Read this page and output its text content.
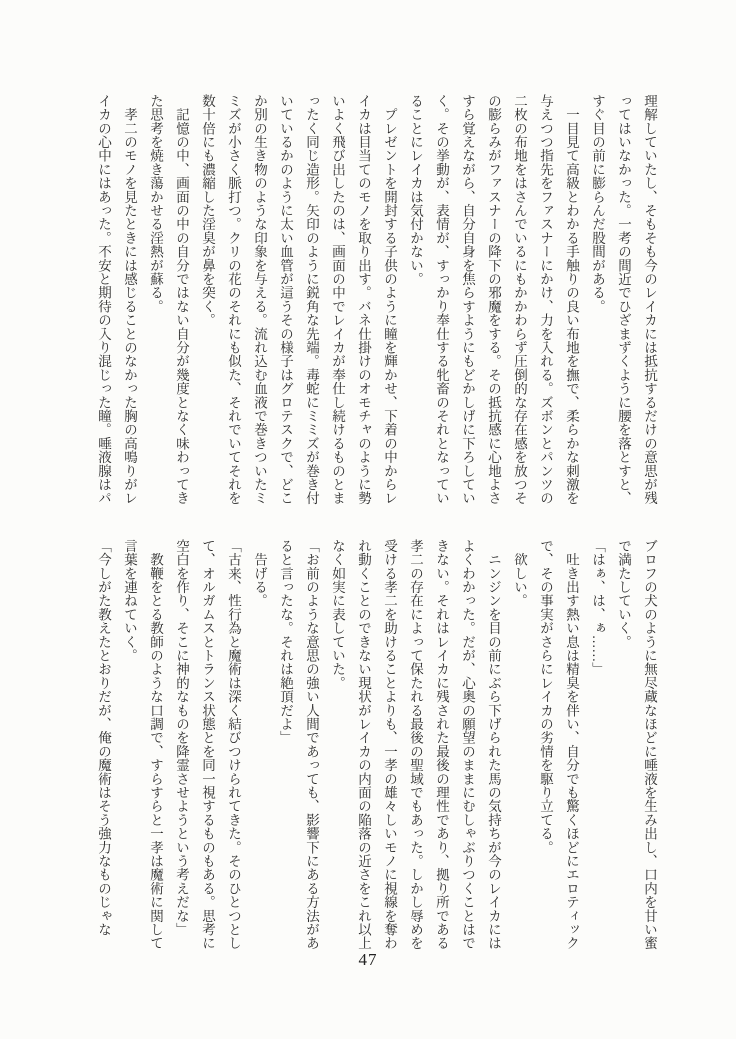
理解していたし、そもそも今のレイカには抵抗するだけの意思が残
ってはいなかった。一考の間近でひざまずくように腰を落とすと、
すぐ目の前に膨らんだ股間がある。
　一目見て高級とわかる手触りの良い布地を撫で、柔らかな刺激を
与えつつ指先をファスナーにかけ、力を入れる。ズボンとパンツの
二枚の布地をはさんでいるにもかかわらず圧倒的な存在感を放つそ
の膨らみがファスナーの降下の邪魔をする。その抵抗感に心地よさ
すら覚えながら、自分自身を焦らすようにもどかしげに下ろしてい
く。その挙動が、表情が、すっかり奉仕する牝畜のそれとなってい
ることにレイカは気付かない。
　プレゼントを開封する子供のように瞳を輝かせ、下着の中からレ
イカは目当てのモノを取り出す。バネ仕掛けのオモチャのように勢
いよく飛び出したのは、画面の中でレイカが奉仕し続けるものとま
ったく同じ造形。矢印のように鋭角な先端。毒蛇にミミズが巻き付
いているかのように太い血管が這うその様子はグロテスクで、どこ
か別の生き物のような印象を与える。流れ込む血液で巻きついたミ
ミズが小さく脈打つ。クリの花のそれにも似た、それでいてそれを
数十倍にも濃縮した淫臭が鼻を突く。
　記憶の中、画面の中の自分ではない自分が幾度となく味わってき
た思考を焼き蕩かせる淫熱が蘇る。
　孝二のモノを見たときには感じることのなかった胸の高鳴りがレ
イカの心中にはあった。不安と期待の入り混じった瞳。唾液腺はパ
ブロフの犬のように無尽蔵なほどに唾液を生み出し、口内を甘い蜜
で満たしていく。
「はぁ、は、ぁ……」
　吐き出す熱い息は精臭を伴い、自分でも驚くほどにエロティック
で、その事実がさらにレイカの劣情を駆り立てる。
　欲しい。
　ニンジンを目の前にぶら下げられた馬の気持ちが今のレイカには
よくわかった。だが、心奥の願望のままにむしゃぶりつくことはで
きない。それはレイカに残された最後の理性であり、拠り所である
孝二の存在によって保たれる最後の聖域でもあった。しかし辱めを
受ける孝二を助けることよりも、一孝の雄々しいモノに視線を奪わ
れ動くことのできない現状がレイカの内面の陥落の近さをこれ以上
なく如実に表していた。
「お前のような意思の強い人間であっても、影響下にある方法があ
ると言ったな。それは絶頂だよ」
　告げる。
「古来、性行為と魔術は深く結びつけられてきた。そのひとつとし
て、オルガムスとトランス状態とを同一視するものもある。思考に
空白を作り、そこに神的なものを降霊させようという考えだな」
　教鞭をとる教師のような口調で、すらすらと一孝は魔術に関して
言葉を連ねていく。
「今しがた教えたとおりだが、俺の魔術はそう強力なものじゃな
47
